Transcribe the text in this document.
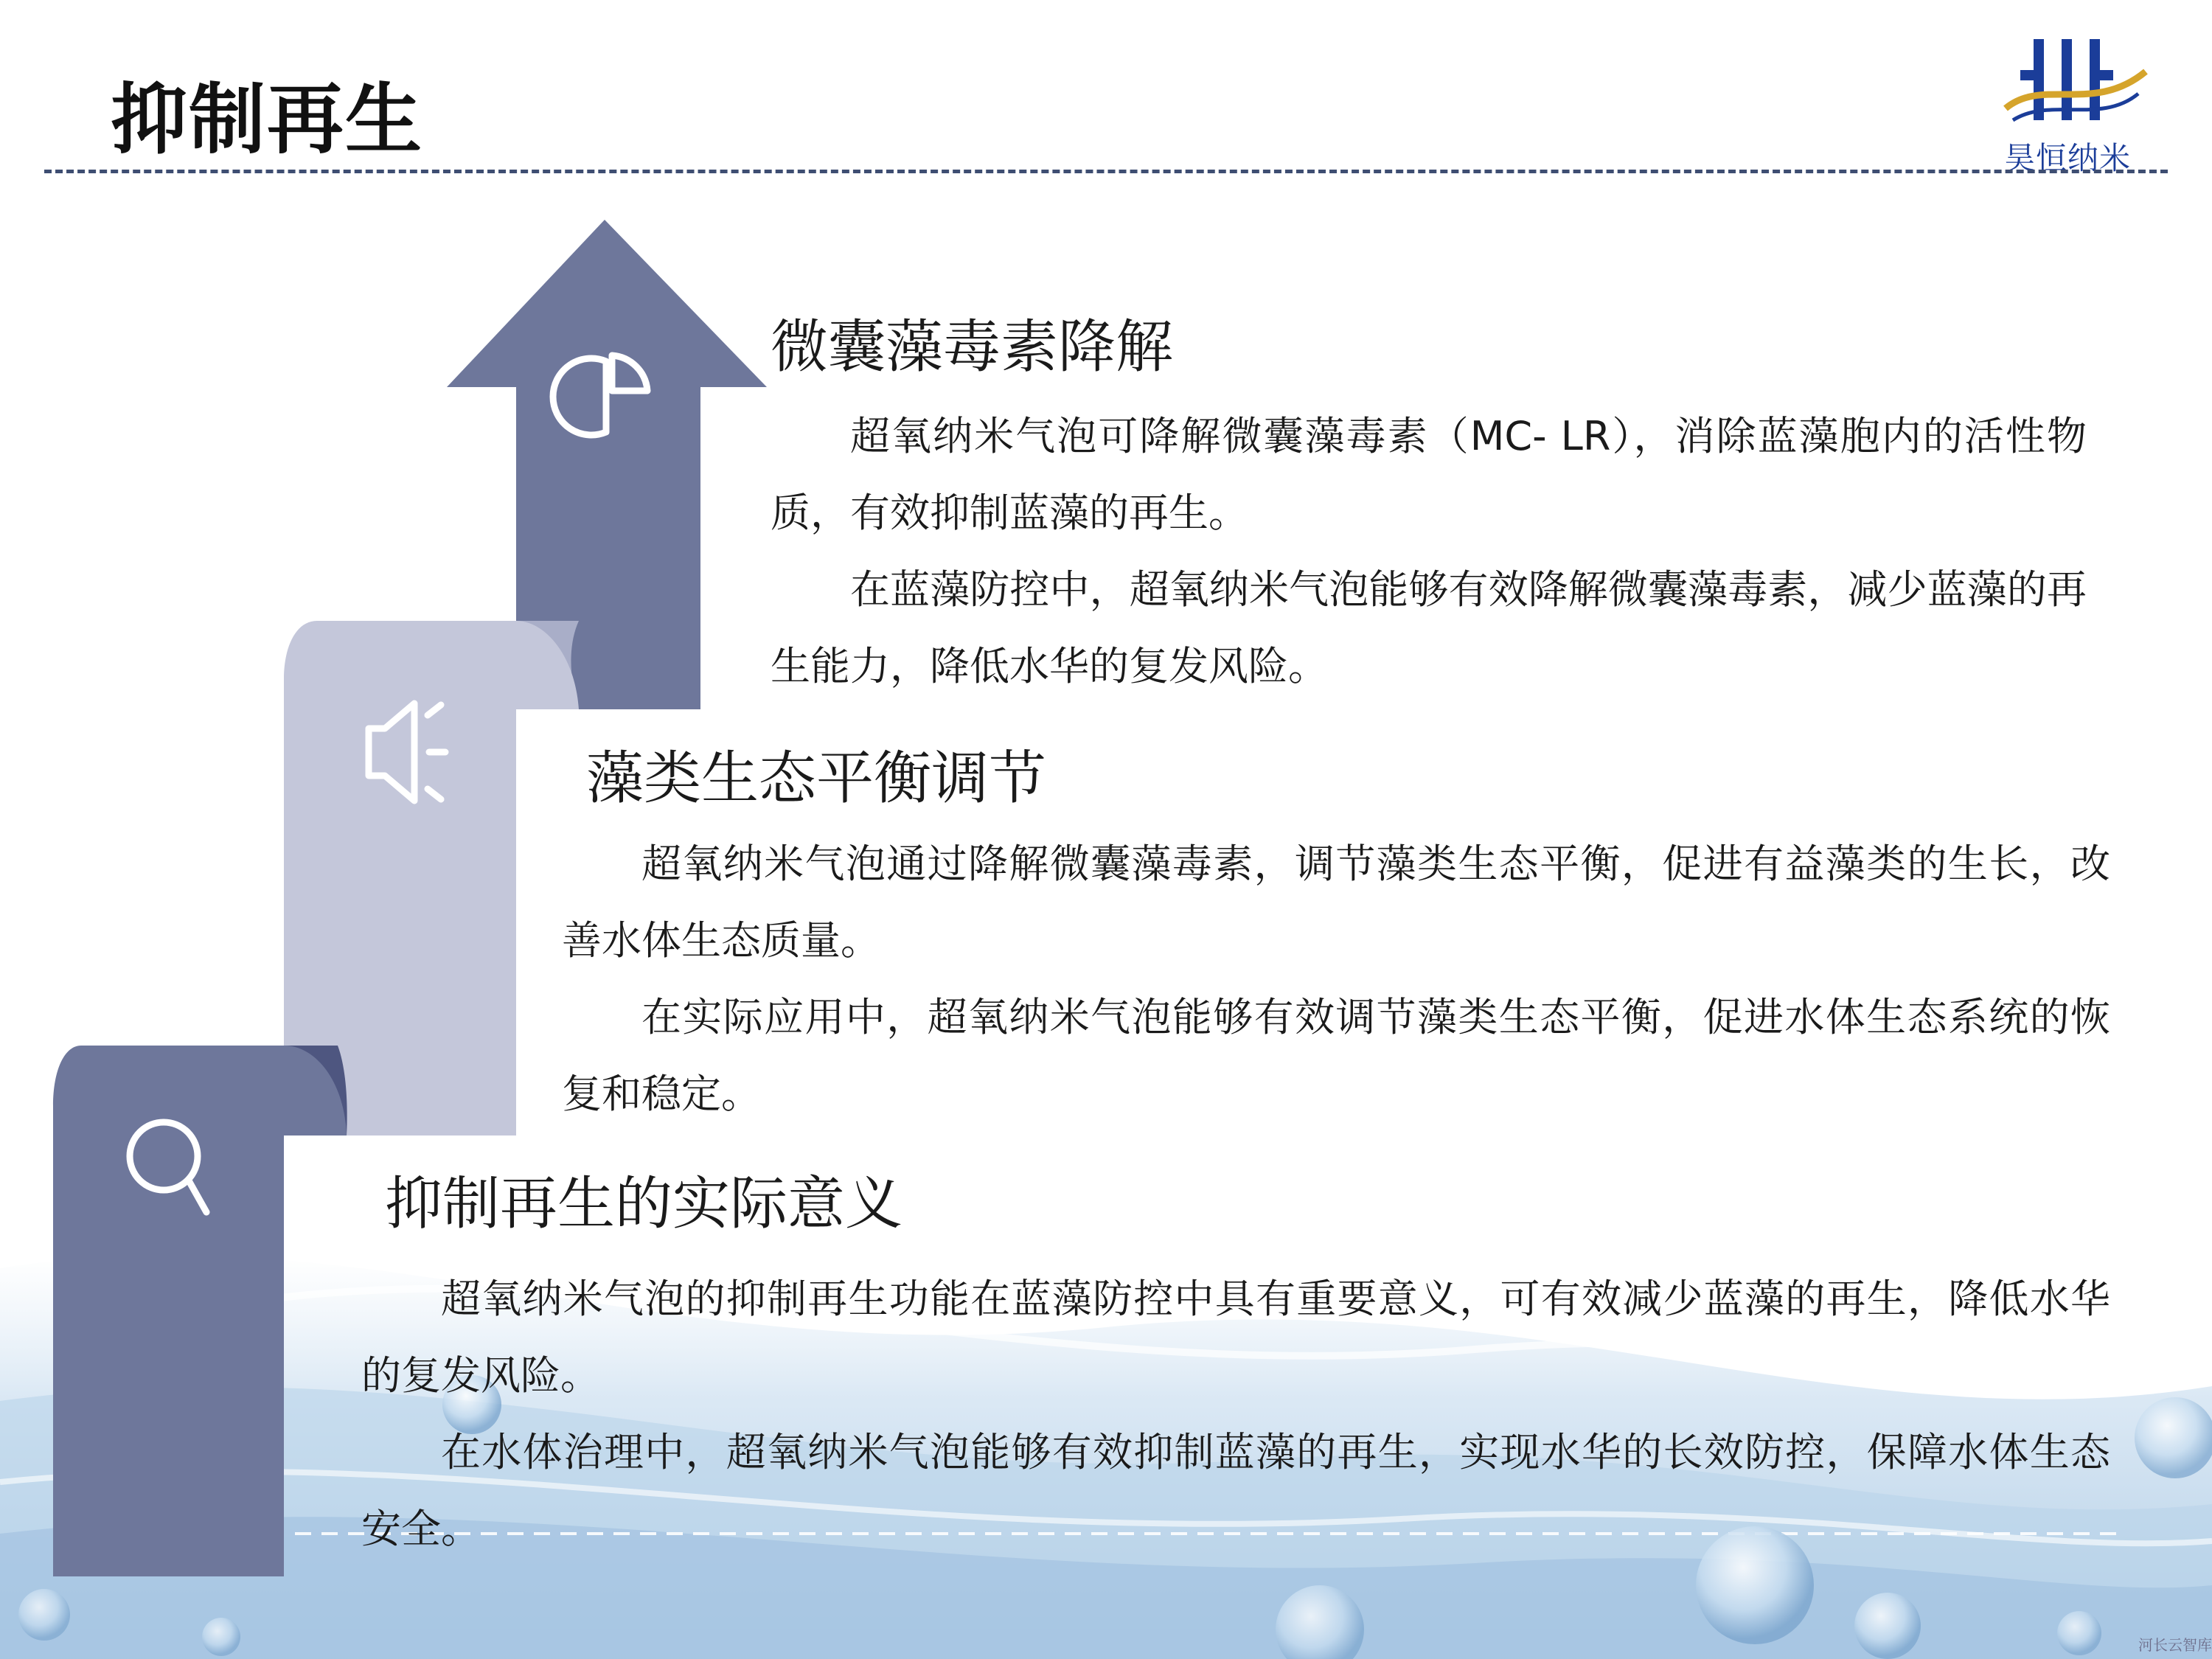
抑制再生	昊恒纳米
微囊藻毒素降解
超氧纳米气泡可降解微囊藻毒素（MC- LR），消除蓝藻胞内的活性物质，有效抑制蓝藻的再生。
在蓝藻防控中，超氧纳米气泡能够有效降解微囊藻毒素，减少蓝藻的再生能力，降低水华的复发风险。
藻类生态平衡调节
超氧纳米气泡通过降解微囊藻毒素，调节藻类生态平衡，促进有益藻类的生长，改善水体生态质量。
在实际应用中，超氧纳米气泡能够有效调节藻类生态平衡，促进水体生态系统的恢复和稳定。
抑制再生的实际意义
超氧纳米气泡的抑制再生功能在蓝藻防控中具有重要意义，可有效减少蓝藻的再生，降低水华的复发风险。
在水体治理中，超氧纳米气泡能够有效抑制蓝藻的再生，实现水华的长效防控，保障水体生态安全。
河长云智库
